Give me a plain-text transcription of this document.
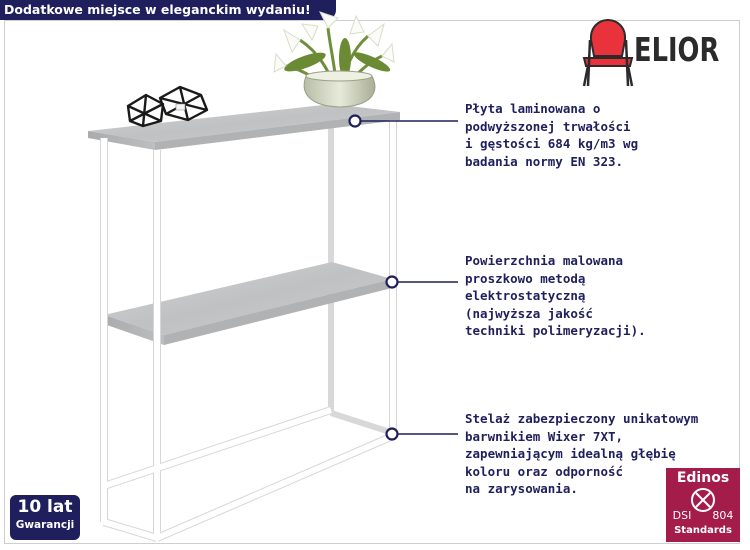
Dodatkowe miejsce w eleganckim wydaniu!
ELIOR
Płyta laminowana o
podwyższonej trwałości
i gęstości 684 kg/m3 wg
badania normy EN 323.
Powierzchnia malowana
proszkowo metodą
elektrostatyczną
(najwyższa jakość
techniki polimeryzacji).
Stelaż zabezpieczony unikatowym
barwnikiem Wixer 7XT,
zapewniającym idealną głębię
koloru oraz odporność
na zarysowania.
10 lat
Gwarancji
Edinos
DSI 804
Standards
